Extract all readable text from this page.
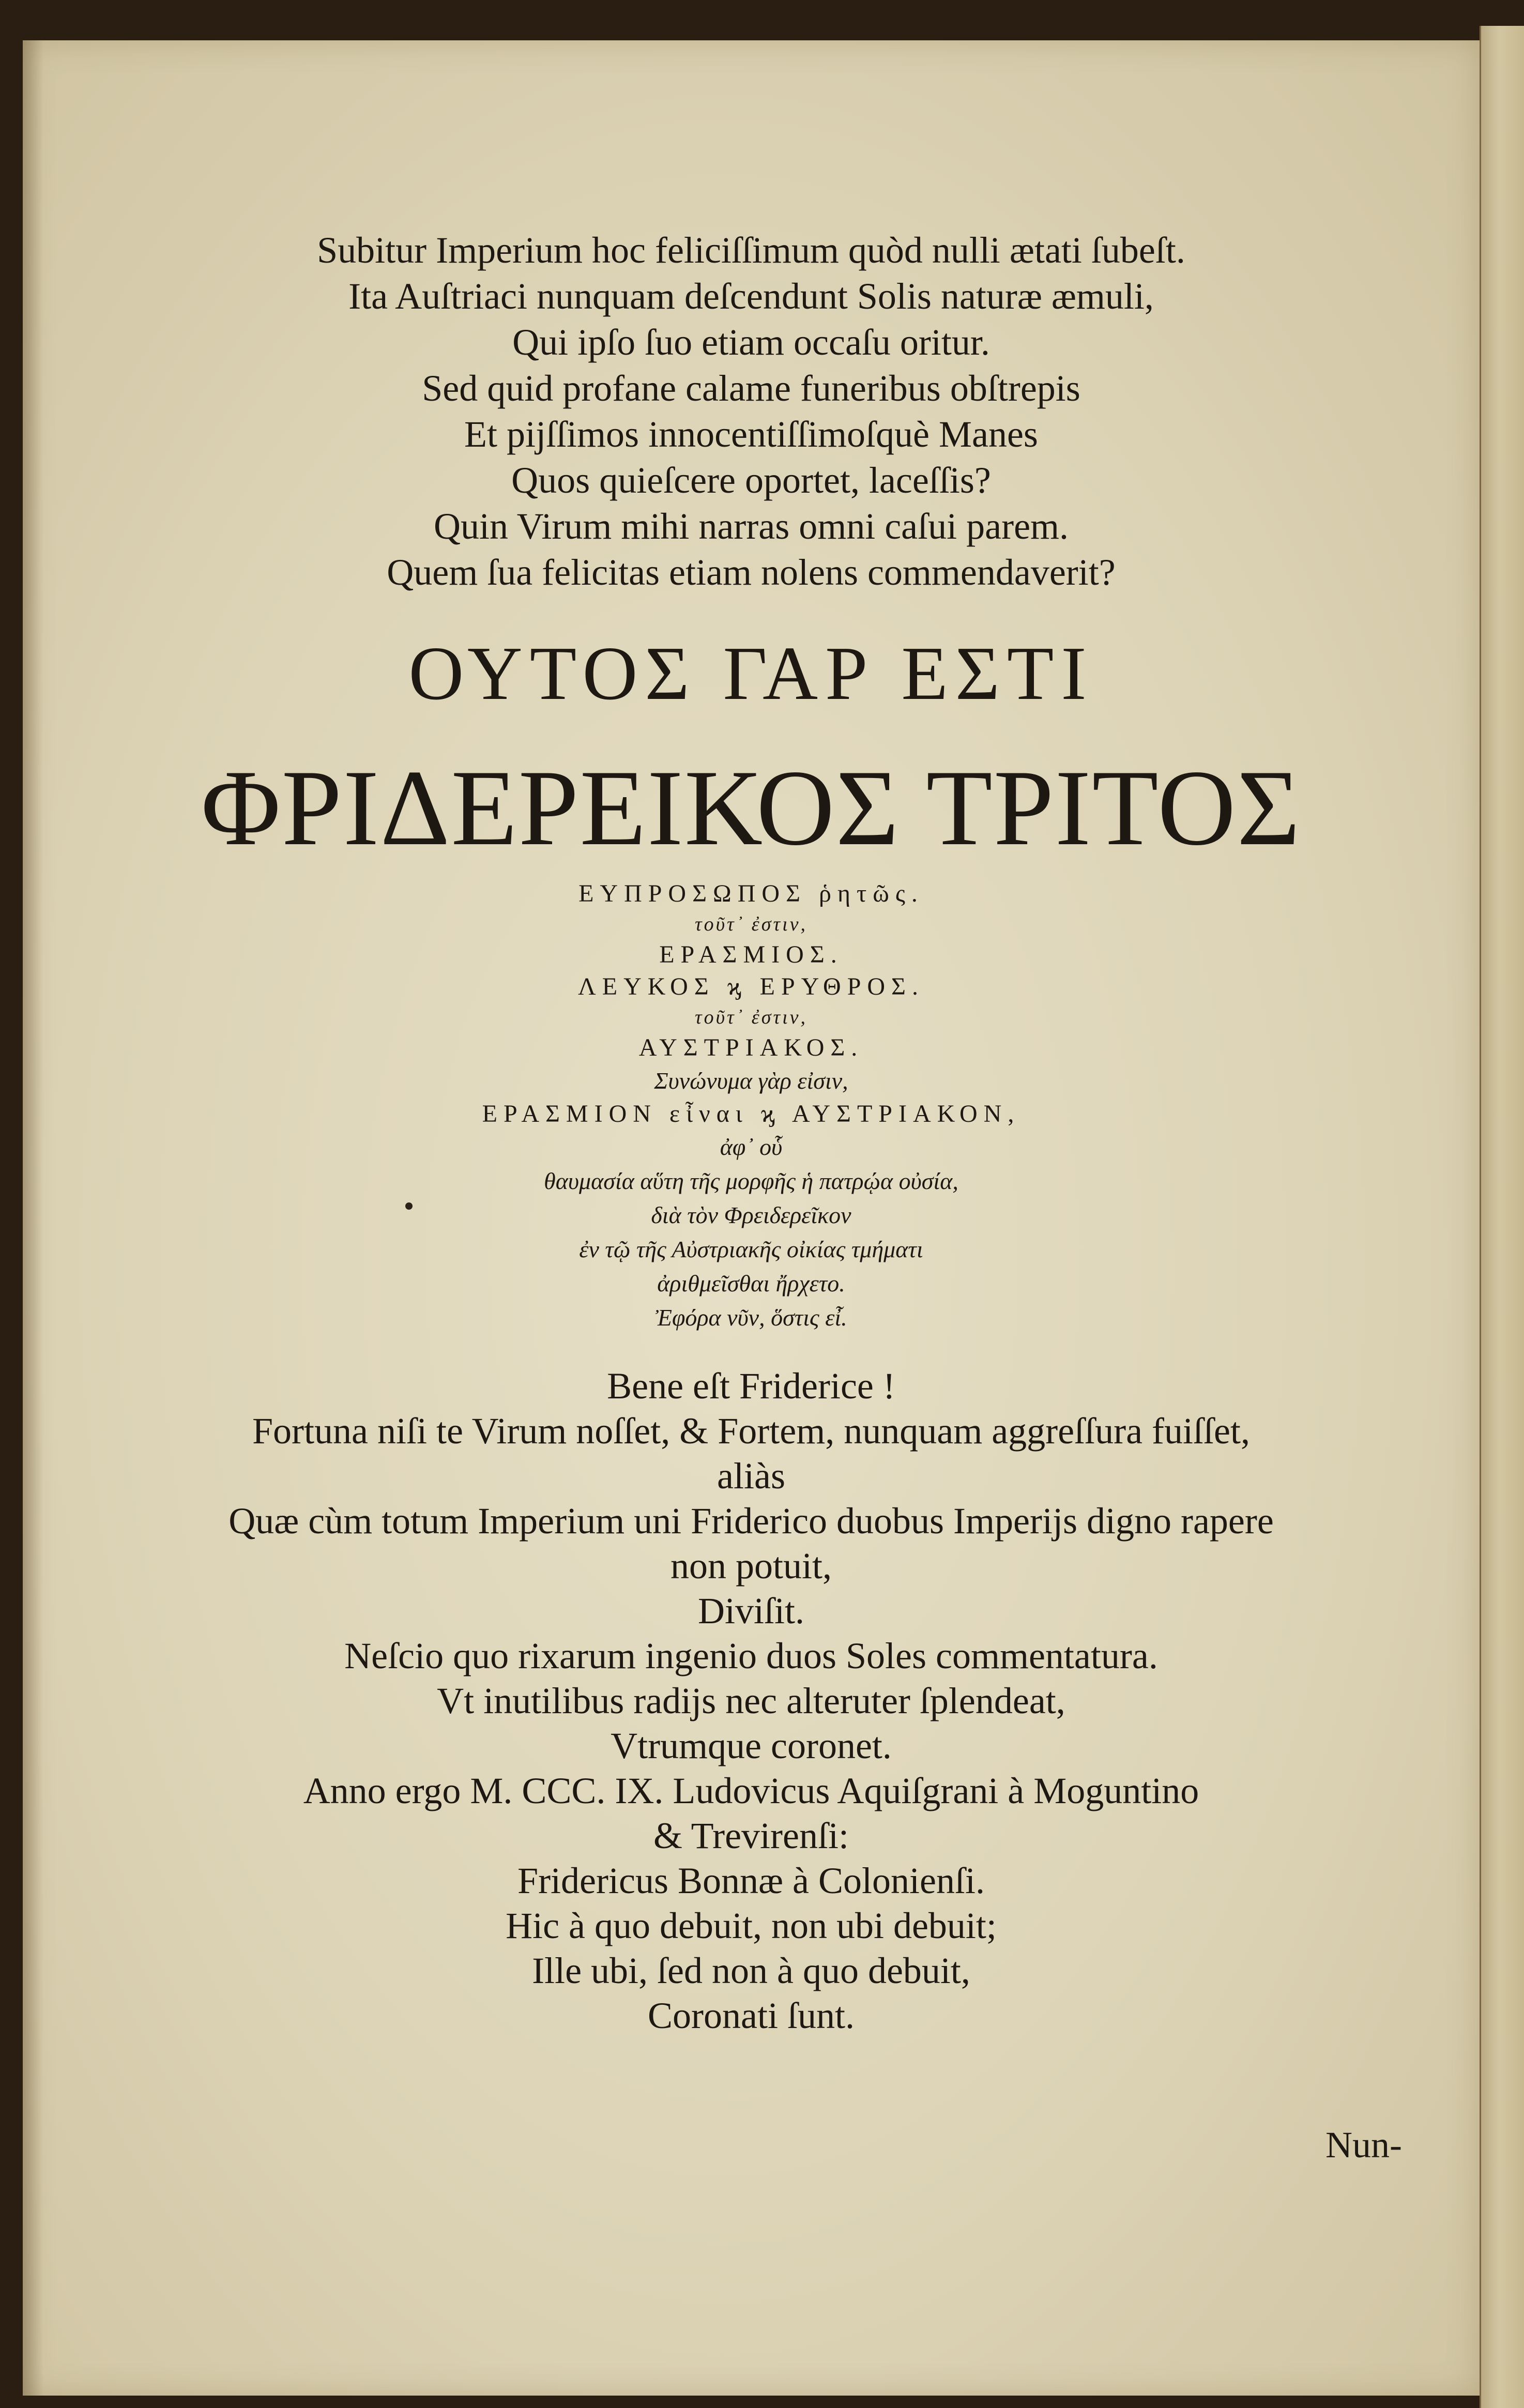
Subitur Imperium hoc feliciſſimum quòd nulli ætati ſubeſt.
Ita Auſtriaci nunquam deſcendunt Solis naturæ æmuli,
Qui ipſo ſuo etiam occaſu oritur.
Sed quid profane calame funeribus obſtrepis
Et pijſſimos innocentiſſimoſquè Manes
Quos quieſcere oportet, laceſſis?
Quin Virum mihi narras omni caſui parem.
Quem ſua felicitas etiam nolens commendaverit?
ΟΥΤΟΣ ΓΑΡ ΕΣΤΙ
ΦΡΙΔΕΡΕΙΚΟΣ ΤΡΙΤΟΣ
ΕΥΠΡΟΣΩΠΟΣ ῥητῶς.
τοῦτ᾽ ἐστιν,
ΕΡΑΣΜΙΟΣ.
ΛΕΥΚΟΣ ϗ ΕΡΥΘΡΟΣ.
τοῦτ᾽ ἐστιν,
ΑΥΣΤΡΙΑΚΟΣ.
Συνώνυμα γὰρ εἰσιν,
ΕΡΑΣΜΙΟΝ εἶναι ϗ ΑΥΣΤΡΙΑΚΟΝ,
ἀφ᾽ οὗ
θαυμασία αὕτη τῆς μορφῆς ἡ πατρῴα οὐσία,
διὰ τὸν Φρειδερεῖκον
ἐν τῷ τῆς Αὐστριακῆς οἰκίας τμήματι
ἀριθμεῖσθαι ἤρχετο.
Ἐφόρα νῦν, ὅστις εἶ.
Bene eſt Friderice !
Fortuna niſi te Virum noſſet, & Fortem, nunquam aggreſſura fuiſſet,
aliàs
Quæ cùm totum Imperium uni Friderico duobus Imperijs digno rapere
non potuit,
Diviſit.
Neſcio quo rixarum ingenio duos Soles commentatura.
Vt inutilibus radijs nec alteruter ſplendeat,
Vtrumque coronet.
Anno ergo M. CCC. IX. Ludovicus Aquiſgrani à Moguntino
& Trevirenſi:
Fridericus Bonnæ à Colonienſi.
Hic à quo debuit, non ubi debuit;
Ille ubi, ſed non à quo debuit,
Coronati ſunt.
Nun-
